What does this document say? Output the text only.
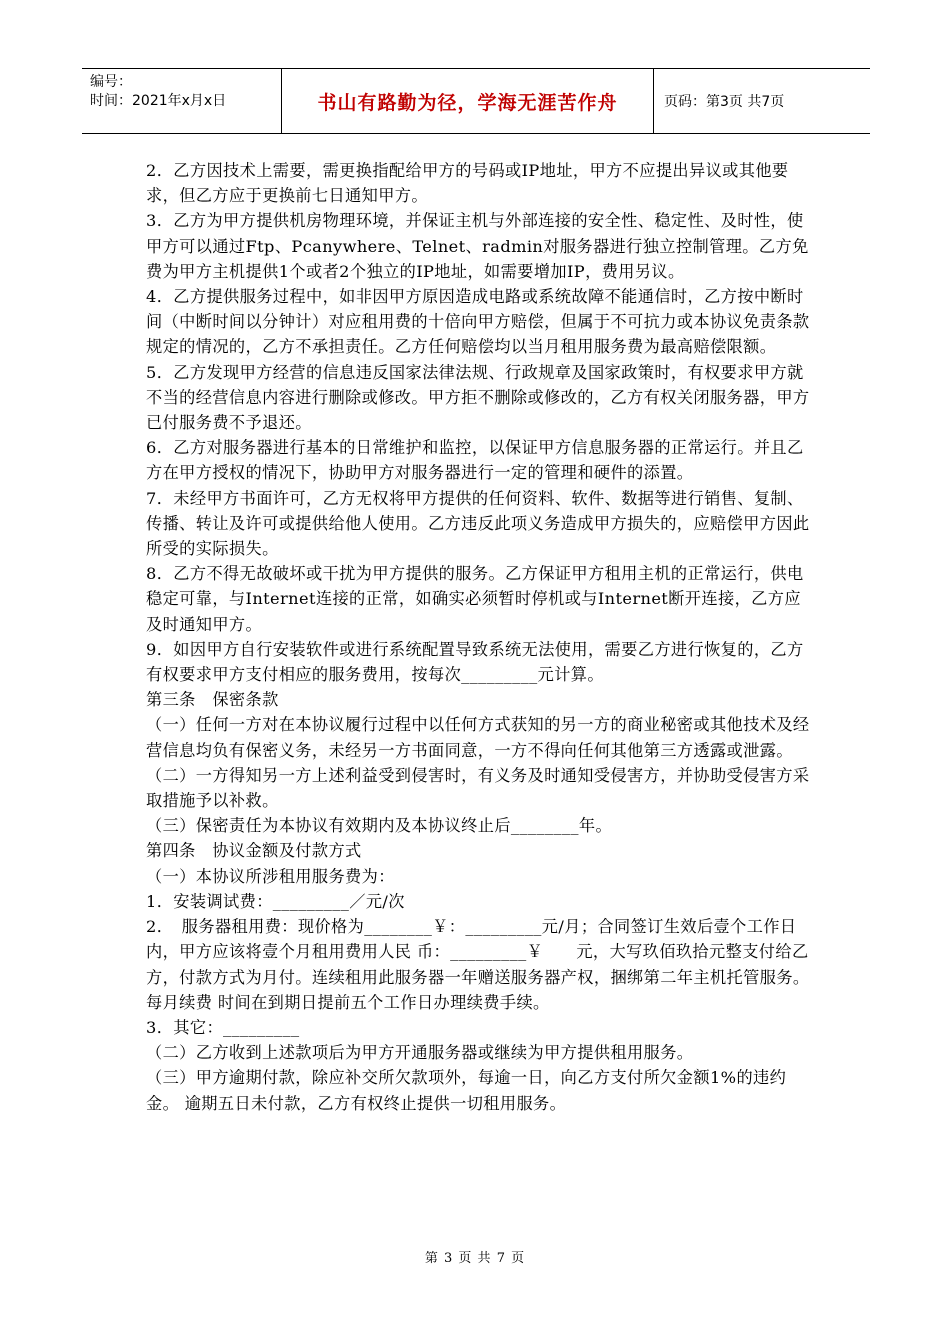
编号：
时间：2021年x月x日	书山有路勤为径，学海无涯苦作舟	页码：第3页 共7页

2．乙方因技术上需要，需更换指配给甲方的号码或IP地址，甲方不应提出异议或其他要求，但乙方应于更换前七日通知甲方。

3．乙方为甲方提供机房物理环境，并保证主机与外部连接的安全性、稳定性、及时性，使甲方可以通过Ftp、Pcanywhere、Telnet、radmin对服务器进行独立控制管理。乙方免费为甲方主机提供1个或者2个独立的IP地址，如需要增加IP，费用另议。

4．乙方提供服务过程中，如非因甲方原因造成电路或系统故障不能通信时，乙方按中断时间（中断时间以分钟计）对应租用费的十倍向甲方赔偿，但属于不可抗力或本协议免责条款规定的情况的，乙方不承担责任。乙方任何赔偿均以当月租用服务费为最高赔偿限额。

5．乙方发现甲方经营的信息违反国家法律法规、行政规章及国家政策时，有权要求甲方就不当的经营信息内容进行删除或修改。甲方拒不删除或修改的，乙方有权关闭服务器，甲方已付服务费不予退还。

6．乙方对服务器进行基本的日常维护和监控，以保证甲方信息服务器的正常运行。并且乙方在甲方授权的情况下，协助甲方对服务器进行一定的管理和硬件的添置。

7．未经甲方书面许可，乙方无权将甲方提供的任何资料、软件、数据等进行销售、复制、传播、转让及许可或提供给他人使用。乙方违反此项义务造成甲方损失的，应赔偿甲方因此所受的实际损失。

8．乙方不得无故破坏或干扰为甲方提供的服务。乙方保证甲方租用主机的正常运行，供电稳定可靠，与Internet连接的正常，如确实必须暂时停机或与Internet断开连接，乙方应及时通知甲方。

9．如因甲方自行安装软件或进行系统配置导致系统无法使用，需要乙方进行恢复的，乙方有权要求甲方支付相应的服务费用，按每次_________元计算。

第三条　保密条款

（一）任何一方对在本协议履行过程中以任何方式获知的另一方的商业秘密或其他技术及经营信息均负有保密义务，未经另一方书面同意，一方不得向任何其他第三方透露或泄露。

（二）一方得知另一方上述利益受到侵害时，有义务及时通知受侵害方，并协助受侵害方采取措施予以补救。

（三）保密责任为本协议有效期内及本协议终止后________年。

第四条　协议金额及付款方式

（一）本协议所涉租用服务费为：

1．安装调试费：_________／元/次

2．　服务器租用费：现价格为________￥：_________元/月；合同签订生效后壹个工作日内，甲方应该将壹个月租用费用人民 币：_________￥　　元，大写玖佰玖拾元整支付给乙方，付款方式为月付。连续租用此服务器一年赠送服务器产权，捆绑第二年主机托管服务。每月续费 时间在到期日提前五个工作日办理续费手续。

3．其它：_________

（二）乙方收到上述款项后为甲方开通服务器或继续为甲方提供租用服务。

（三）甲方逾期付款，除应补交所欠款项外，每逾一日，向乙方支付所欠金额1%的违约金。 逾期五日未付款，乙方有权终止提供一切租用服务。

第 3 页 共 7 页
